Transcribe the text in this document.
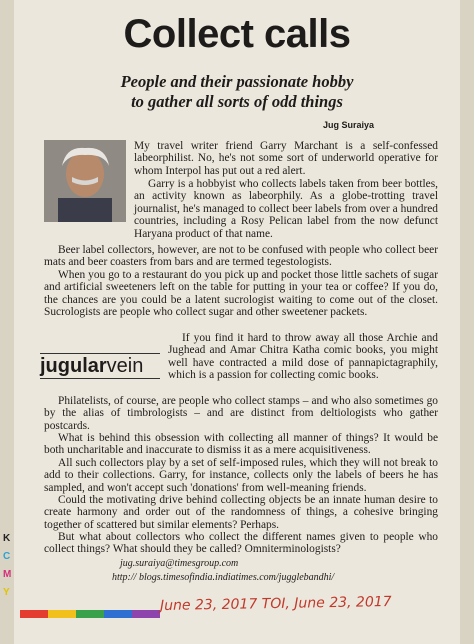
Collect calls
People and their passionate hobby
to gather all sorts of odd things
Jug Suraiya
My travel writer friend Garry Marchant is a self-confessed labeorphilist. No, he's not some sort of underworld operative for whom Interpol has put out a red alert.
Garry is a hobbyist who collects labels taken from beer bottles, an activity known as labeorphily. As a globe-trotting travel journalist, he's managed to collect beer labels from over a hundred countries, including a Rosy Pelican label from the now defunct Haryana product of that name.
Beer label collectors, however, are not to be confused with people who collect beer mats and beer coasters from bars and are termed tegestologists.
When you go to a restaurant do you pick up and pocket those little sachets of sugar and artificial sweeteners left on the table for putting in your tea or coffee? If you do, the chances are you could be a latent sucrologist waiting to come out of the closet. Sucrologists are people who collect sugar and other sweetener packets.
jugularvein
If you find it hard to throw away all those Archie and Jughead and Amar Chitra Katha comic books, you might well have contracted a mild dose of pannapictagraphily, which is a passion for collecting comic books.
Philatelists, of course, are people who collect stamps – and who also sometimes go by the alias of timbrologists – and are distinct from deltiologists who gather postcards.
What is behind this obsession with collecting all manner of things? It would be both uncharitable and inaccurate to dismiss it as a mere acquisitiveness.
All such collectors play by a set of self-imposed rules, which they will not break to add to their collections. Garry, for instance, collects only the labels of beers he has sampled, and won't accept such 'donations' from well-meaning friends.
Could the motivating drive behind collecting objects be an innate human desire to create harmony and order out of the randomness of things, a cohesive bringing together of scattered but similar elements? Perhaps.
But what about collectors who collect the different names given to people who collect things? What should they be called? Omniterminologists?
jug.suraiya@timesgroup.com
http:// blogs.timesofindia.indiatimes.com/jugglebandhi/
K
C
M
Y
June 23, 2017 TOI, June 23, 2017
